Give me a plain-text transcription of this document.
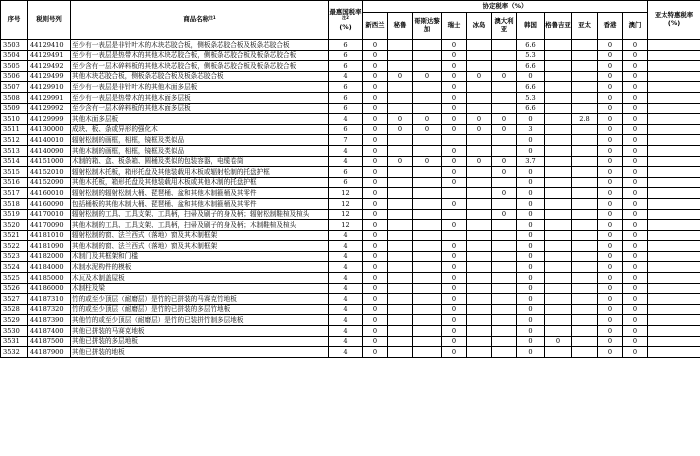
序号	税则号列	商品名称$^{注1}$	最惠国税率$^{注2}$
(%)	协定税率（%）											亚太特惠税率
(%)
				新西兰	秘鲁	哥斯达黎加	瑞士	冰岛	澳大利亚	韩国	格鲁吉亚	亚太	香港	澳门	
3503	44129410	至少有一表层是非针叶木的木块芯胶合板，侧板条芯胶合板及板条芯胶合板	6	0			0			6.6			0	0	
3504	44129491	至少有一表层是热带木的其他木块芯胶合板，侧板条芯胶合板及板条芯胶合板	6	0			0			5.3			0	0	
3505	44129492	至少含有一层木碎料板的其他木块芯胶合板，侧板条芯胶合板及板条芯胶合板	6	0			0			6.6			0	0	
3506	44129499	其他木块芯胶合板，侧板条芯胶合板及板条芯胶合板	4	0	0	0	0	0	0	0			0	0	
3507	44129910	至少有一表层是非针叶木的其他木面多层板	6	0			0			6.6			0	0	
3508	44129991	至少有一表层是热带木的其他木面多层板	6	0			0			5.3			0	0	
3509	44129992	至少含有一层木碎料板的其他木面多层板	6	0			0			6.6			0	0	
3510	44129999	其他木面多层板	4	0	0	0	0	0	0	0		2.8	0	0	
3511	44130000	成块、板、条或异形的强化木	6	0	0	0	0	0	0	3			0	0	
3512	44140010	辐射松制的画框，相框，镜框及类似品	7	0						0			0	0	
3513	44140090	其他木制的画框，相框，镜框及类似品	4	0			0			0			0	0	
3514	44151000	木制的箱、盒、板条箱、圆桶及类似的包装容器，电缆卷筒	4	0	0	0	0	0	0	3.7			0	0	
3515	44152010	辐射松制木托板，箱形托盘及其他装载用木板或辐射松制的托盘护框	6	0			0		0	0			0	0	
3516	44152090	其他木托板，箱形托盘及其他装载用木板或其他木制的托盘护框	6	0			0			0			0	0	
3517	44160010	辐射松制的辐射松制大桶、琵琶桶、盆和其他木制箍桶及其零件	12	0					0	0			0	0	
3518	44160090	包括桶板的其他木制大桶、琵琶桶、盆和其他木制箍桶及其零件	12	0			0			0			0	0	
3519	44170010	辐射松制的工具、工具支架、工具柄，扫帚及刷子的身及柄；辐射松制鞋楦及楦头	12	0					0	0			0	0	
3520	44170090	其他木制的工具、工具支架、工具柄，扫帚及刷子的身及柄；木制鞋楦及楦头	12	0			0			0			0	0	
3521	44181010	辐射松制的窗、法兰西式（落地）窗及其木制框架	4	0						0			0	0	
3522	44181090	其他木制的窗、法兰西式（落地）窗及其木制框架	4	0			0			0			0	0	
3523	44182000	木制门及其框架和门槛	4	0			0			0			0	0	
3524	44184000	木制水泥构件的模板	4	0			0			0			0	0	
3525	44185000	木瓦及木制盖屋板	4	0			0			0			0	0	
3526	44186000	木制柱及梁	4	0			0			0			0	0	
3527	44187310	竹的或至少顶层（耐磨层）是竹的已拼装的马赛克竹地板	4	0			0			0			0	0	
3528	44187320	竹的或至少顶层（耐磨层）是竹的已拼装的多层竹地板	4	0			0			0			0	0	
3529	44187390	其他竹的或至少顶层（耐磨层）是竹的已装拼竹制多层地板	4	0			0			0			0	0	
3530	44187400	其他已拼装的马赛克地板	4	0			0			0			0	0	
3531	44187500	其他已拼装的多层地板	4	0			0			0	0		0	0	
3532	44187900	其他已拼装的地板	4	0			0			0			0	0	
